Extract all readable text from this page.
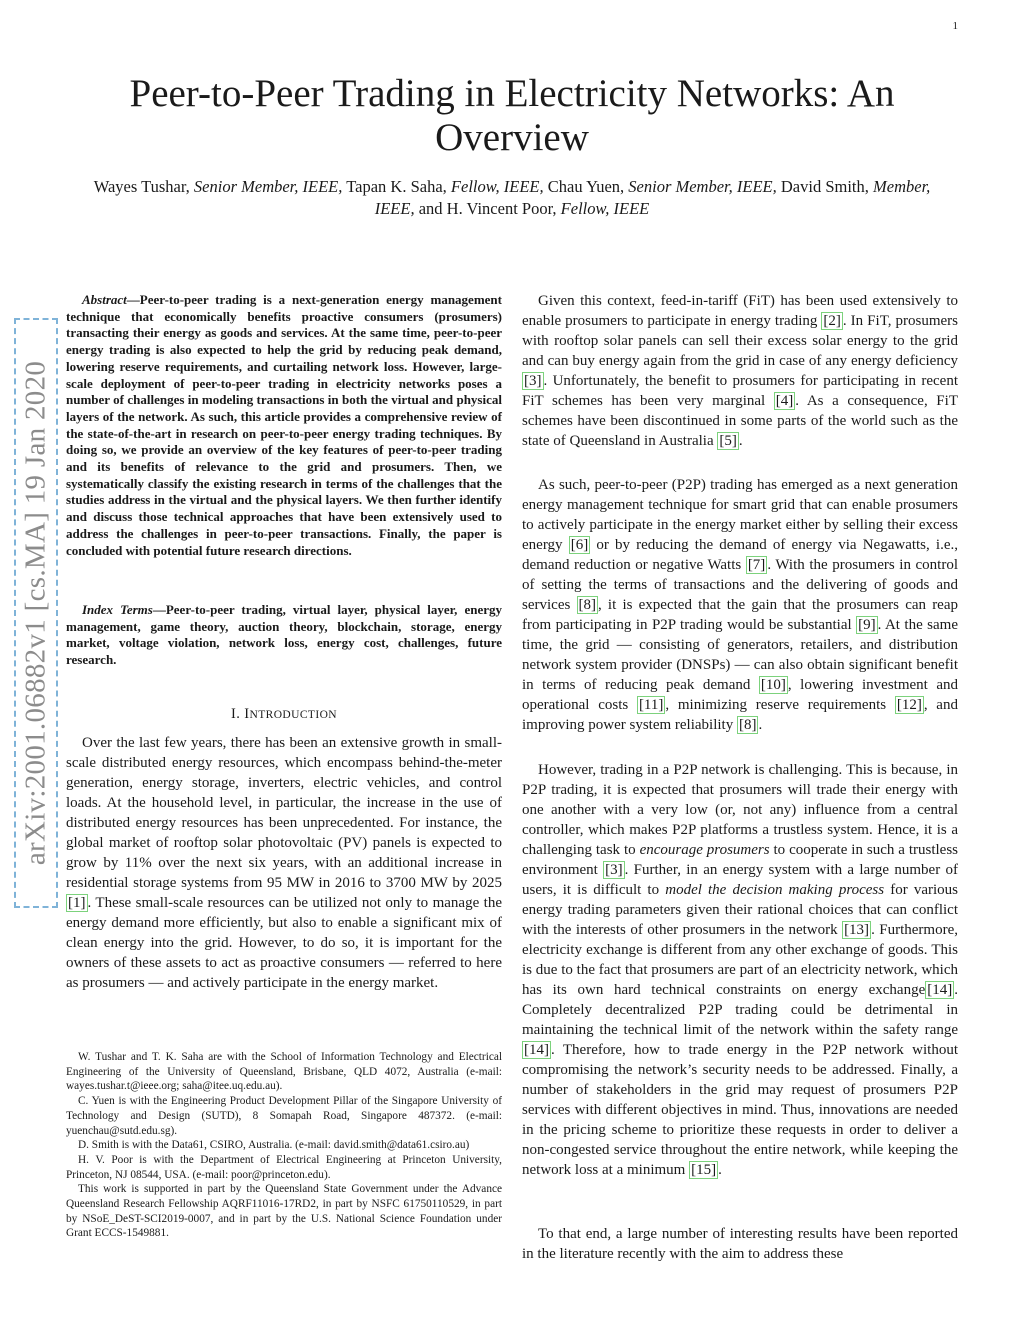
1
Peer-to-Peer Trading in Electricity Networks: An Overview
Wayes Tushar, Senior Member, IEEE, Tapan K. Saha, Fellow, IEEE, Chau Yuen, Senior Member, IEEE, David Smith, Member, IEEE, and H. Vincent Poor, Fellow, IEEE
arXiv:2001.06882v1 [cs.MA] 19 Jan 2020

Abstract—Peer-to-peer trading is a next-generation energy management technique that economically benefits proactive consumers (prosumers) transacting their energy as goods and services. At the same time, peer-to-peer energy trading is also expected to help the grid by reducing peak demand, lowering reserve requirements, and curtailing network loss. However, large-scale deployment of peer-to-peer trading in electricity networks poses a number of challenges in modeling transactions in both the virtual and physical layers of the network. As such, this article provides a comprehensive review of the state-of-the-art in research on peer-to-peer energy trading techniques. By doing so, we provide an overview of the key features of peer-to-peer trading and its benefits of relevance to the grid and prosumers. Then, we systematically classify the existing research in terms of the challenges that the studies address in the virtual and the physical layers. We then further identify and discuss those technical approaches that have been extensively used to address the challenges in peer-to-peer transactions. Finally, the paper is concluded with potential future research directions.

Index Terms—Peer-to-peer trading, virtual layer, physical layer, energy management, game theory, auction theory, blockchain, storage, energy market, voltage violation, network loss, energy cost, challenges, future research.

I. INTRODUCTION

Over the last few years, there has been an extensive growth in small-scale distributed energy resources, which encompass behind-the-meter generation, energy storage, inverters, electric vehicles, and control loads. At the household level, in particular, the increase in the use of distributed energy resources has been unprecedented. For instance, the global market of rooftop solar photovoltaic (PV) panels is expected to grow by 11% over the next six years, with an additional increase in residential storage systems from 95 MW in 2016 to 3700 MW by 2025 [1] . These small-scale resources can be utilized not only to manage the energy demand more efficiently, but also to enable a significant mix of clean energy into the grid. However, to do so, it is important for the owners of these assets to act as proactive consumers — referred to here as prosumers — and actively participate in the energy market.

W. Tushar and T. K. Saha are with the School of Information Technology and Electrical Engineering of the University of Queensland, Brisbane, QLD 4072, Australia (e-mail: wayes.tushar.t@ieee.org; saha@itee.uq.edu.au).

C. Yuen is with the Engineering Product Development Pillar of the Singapore University of Technology and Design (SUTD), 8 Somapah Road, Singapore 487372. (e-mail: yuenchau@sutd.edu.sg).

D. Smith is with the Data61, CSIRO, Australia. (e-mail: david.smith@data61.csiro.au)

H. V. Poor is with the Department of Electrical Engineering at Princeton University, Princeton, NJ 08544, USA. (e-mail: poor@princeton.edu).

This work is supported in part by the Queensland State Government under the Advance Queensland Research Fellowship AQRF11016-17RD2, in part by NSFC 61750110529, in part by NSoE_DeST-SCI2019-0007, and in part by the U.S. National Science Foundation under Grant ECCS-1549881.

Given this context, feed-in-tariff (FiT) has been used extensively to enable prosumers to participate in energy trading [2] . In FiT, prosumers with rooftop solar panels can sell their excess solar energy to the grid and can buy energy again from the grid in case of any energy deficiency [3] . Unfortunately, the benefit to prosumers for participating in recent FiT schemes has been very marginal [4] . As a consequence, FiT schemes have been discontinued in some parts of the world such as the state of Queensland in Australia [5] .

As such, peer-to-peer (P2P) trading has emerged as a next generation energy management technique for smart grid that can enable prosumers to actively participate in the energy market either by selling their excess energy [6] or by reducing the demand of energy via Negawatts, i.e., demand reduction or negative Watts [7] . With the prosumers in control of setting the terms of transactions and the delivering of goods and services [8] , it is expected that the gain that the prosumers can reap from participating in P2P trading would be substantial [9] . At the same time, the grid — consisting of generators, retailers, and distribution network system provider (DNSPs) — can also obtain significant benefit in terms of reducing peak demand [10] , lowering investment and operational costs [11] , minimizing reserve requirements [12] , and improving power system reliability [8] .

However, trading in a P2P network is challenging. This is because, in P2P trading, it is expected that prosumers will trade their energy with one another with a very low (or, not any) influence from a central controller, which makes P2P platforms a trustless system. Hence, it is a challenging task to encourage prosumers to cooperate in such a trustless environment [3] . Further, in an energy system with a large number of users, it is difficult to model the decision making process for various energy trading parameters given their rational choices that can conflict with the interests of other prosumers in the network [13] . Furthermore, electricity exchange is different from any other exchange of goods. This is due to the fact that prosumers are part of an electricity network, which has its own hard technical constraints on energy exchange [14] . Completely decentralized P2P trading could be detrimental in maintaining the technical limit of the network within the safety range [14] . Therefore, how to trade energy in the P2P network without compromising the network’s security needs to be addressed. Finally, a number of stakeholders in the grid may request of prosumers P2P services with different objectives in mind. Thus, innovations are needed in the pricing scheme to prioritize these requests in order to deliver a non-congested service throughout the entire network, while keeping the network loss at a minimum [15] .

To that end, a large number of interesting results have been reported in the literature recently with the aim to address these
